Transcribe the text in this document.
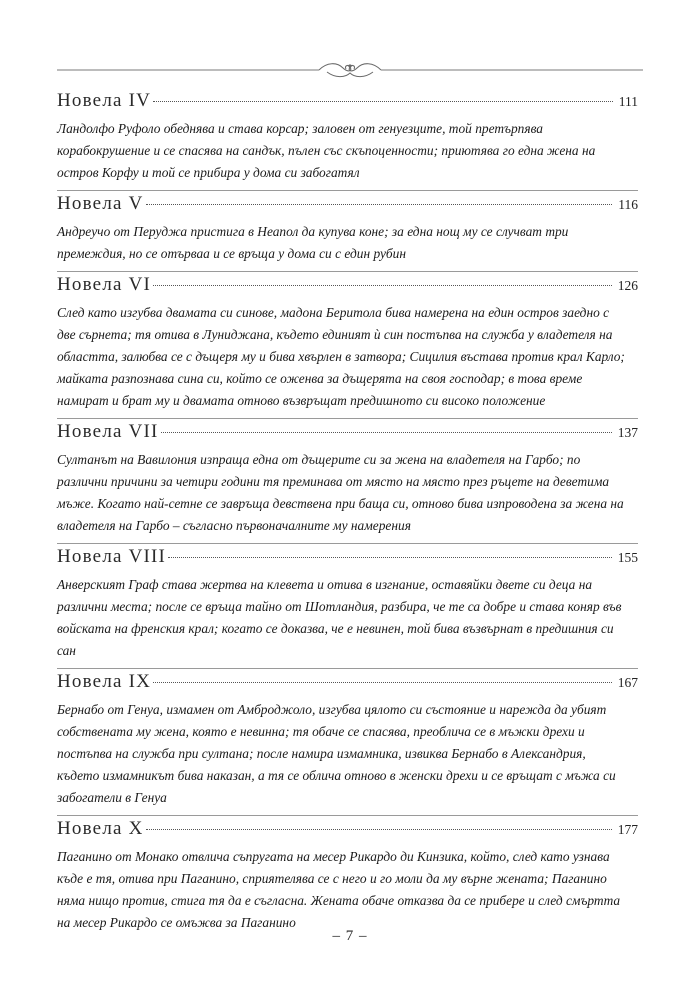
Новела IV	111

Ландолфо Руфоло обеднява и става корсар; заловен от генуезците, той претърпява корабокрушение и се спасява на сандък, пълен със скъпоценности; приютява го една жена на остров Корфу и той се прибира у дома си забогатял

Новела V	116

Андреучо от Перуджа пристига в Неапол да купува коне; за една нощ му се случват три премеждия, но се отърваа и се връща у дома си с един рубин

Новела VI	126

След като изгубва двамата си синове, мадона Беритола бива намерена на един остров заедно с две сърнета; тя отива в Луниджана, където единият ѝ син постъпва на служба у владетеля на областта, залюбва се с дъщеря му и бива хвърлен в затвора; Сицилия въстава против крал Карло; майката разпознава сина си, който се оженва за дъщерята на своя господар; в това време намират и брат му и двамата отново възвръщат предишното си високо положение

Новела VII	137

Султанът на Вавилония изпраща една от дъщерите си за жена на владетеля на Гарбо; по различни причини за четири години тя преминава от място на място през ръцете на деветима мъже. Когато най-сетне се завръща девствена при баща си, отново бива изпроводена за жена на владетеля на Гарбо – съгласно първоначалните му намерения

Новела VIII	155

Анверският Граф става жертва на клевета и отива в изгнание, оставяйки двете си деца на различни места; после се връща тайно от Шотландия, разбира, че те са добре и става коняр във войската на френския крал; когато се доказва, че е невинен, той бива възвърнат в предишния си сан

Новела IX	167

Бернабо от Генуа, измамен от Амброджоло, изгубва цялото си състояние и нарежда да убият собствената му жена, която е невинна; тя обаче се спасява, преоблича се в мъжки дрехи и постъпва на служба при султана; после намира измамника, извиква Бернабо в Александрия, където измамникът бива наказан, а тя се облича отново в женски дрехи и се връщат с мъжа си забогатели в Генуа

Новела X	177

Паганино от Монако отвлича съпругата на месер Рикардо ди Кинзика, който, след като узнава къде е тя, отива при Паганино, сприятелява се с него и го моли да му върне жената; Паганино няма нищо против, стига тя да е съгласна. Жената обаче отказва да се прибере и след смъртта на месер Рикардо се омъжва за Паганино

– 7 –
